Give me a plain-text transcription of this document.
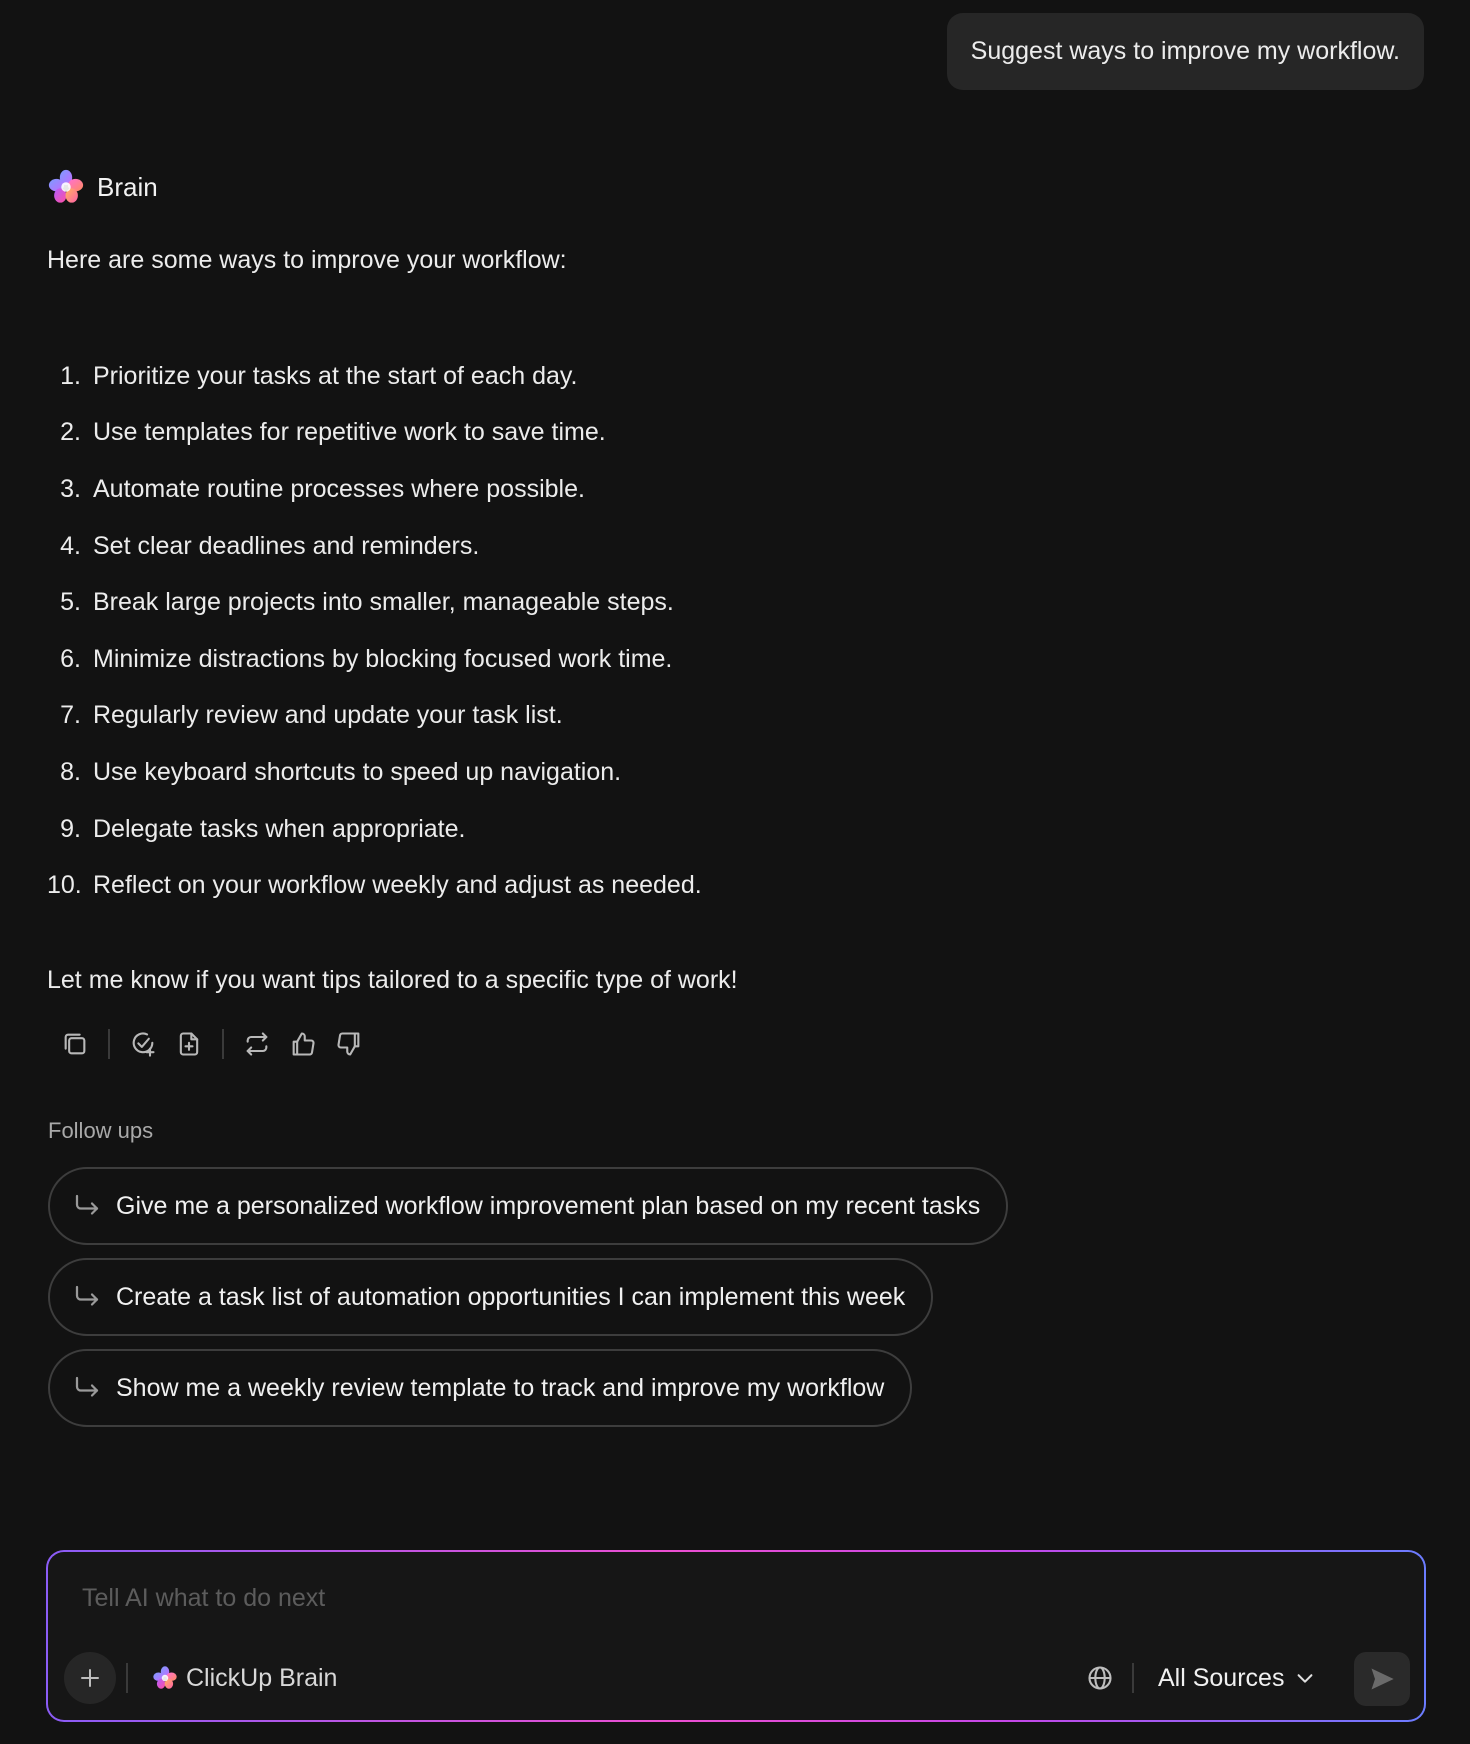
Suggest ways to improve my workflow.
Brain
Here are some ways to improve your workflow:
1. Prioritize your tasks at the start of each day.
2. Use templates for repetitive work to save time.
3. Automate routine processes where possible.
4. Set clear deadlines and reminders.
5. Break large projects into smaller, manageable steps.
6. Minimize distractions by blocking focused work time.
7. Regularly review and update your task list.
8. Use keyboard shortcuts to speed up navigation.
9. Delegate tasks when appropriate.
10. Reflect on your workflow weekly and adjust as needed.
Let me know if you want tips tailored to a specific type of work!
Follow ups
Give me a personalized workflow improvement plan based on my recent tasks
Create a task list of automation opportunities I can implement this week
Show me a weekly review template to track and improve my workflow
Tell AI what to do next
ClickUp Brain	All Sources
